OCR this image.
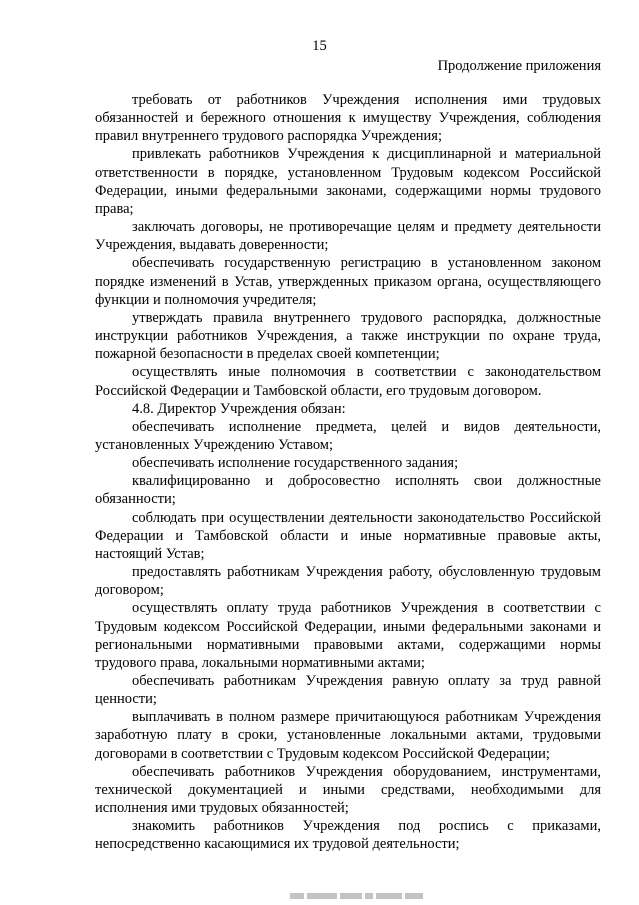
15
Продолжение приложения

требовать от работников Учреждения исполнения ими трудовых обязанностей и бережного отношения к имуществу Учреждения, соблюдения правил внутреннего трудового распорядка Учреждения;

привлекать работников Учреждения к дисциплинарной и материальной ответственности в порядке, установленном Трудовым кодексом Российской Федерации, иными федеральными законами, содержащими нормы трудового права;

заключать договоры, не противоречащие целям и предмету деятельности Учреждения, выдавать доверенности;

обеспечивать государственную регистрацию в установленном законом порядке изменений в Устав, утвержденных приказом органа, осуществляющего функции и полномочия учредителя;

утверждать правила внутреннего трудового распорядка, должностные инструкции работников Учреждения, а также инструкции по охране труда, пожарной безопасности в пределах своей компетенции;

осуществлять иные полномочия в соответствии с законодательством Российской Федерации и Тамбовской области, его трудовым договором.

4.8. Директор Учреждения обязан:

обеспечивать исполнение предмета, целей и видов деятельности, установленных Учреждению Уставом;

обеспечивать исполнение государственного задания;

квалифицированно и добросовестно исполнять свои должностные обязанности;

соблюдать при осуществлении деятельности законодательство Российской Федерации и Тамбовской области и иные нормативные правовые акты, настоящий Устав;

предоставлять работникам Учреждения работу, обусловленную трудовым договором;

осуществлять оплату труда работников Учреждения в соответствии с Трудовым кодексом Российской Федерации, иными федеральными законами и региональными нормативными правовыми актами, содержащими нормы трудового права, локальными нормативными актами;

обеспечивать работникам Учреждения равную оплату за труд равной ценности;

выплачивать в полном размере причитающуюся работникам Учреждения заработную плату в сроки, установленные локальными актами, трудовыми договорами в соответствии с Трудовым кодексом Российской Федерации;

обеспечивать работников Учреждения оборудованием, инструментами, технической документацией и иными средствами, необходимыми для исполнения ими трудовых обязанностей;

знакомить работников Учреждения под роспись с приказами, непосредственно касающимися их трудовой деятельности;
